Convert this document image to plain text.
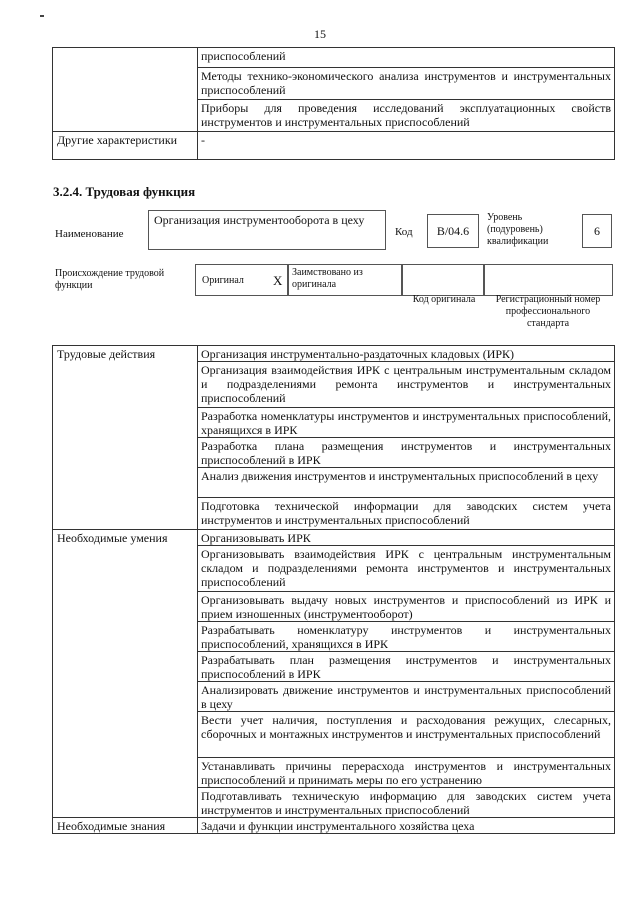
15
	приспособлений
	Методы технико-экономического анализа инструментов и инструментальных приспособлений
	Приборы для проведения исследований эксплуатационных свойств инструментов и инструментальных приспособлений
Другие характеристики	-
3.2.4. Трудовая функция
Наименование
Организация инструментооборота в цеху
Код	B/04.6
Уровень (подуровень) квалификации
6
Происхождение трудовой функции	Оригинал X
Заимствовано из оригинала
Код оригинала	Регистрационный номер профессионального стандарта
Трудовые действия	Организация инструментально-раздаточных кладовых (ИРК)
	Организация взаимодействия ИРК с центральным инструментальным складом и подразделениями ремонта инструментов и инструментальных приспособлений
	Разработка номенклатуры инструментов и инструментальных приспособлений, хранящихся в ИРК
	Разработка плана размещения инструментов и инструментальных приспособлений в ИРК
	Анализ движения инструментов и инструментальных приспособлений в цеху
	Подготовка технической информации для заводских систем учета инструментов и инструментальных приспособлений
Необходимые умения	Организовывать ИРК
	Организовывать взаимодействия ИРК с центральным инструментальным складом и подразделениями ремонта инструментов и инструментальных приспособлений
	Организовывать выдачу новых инструментов и приспособлений из ИРК и прием изношенных (инструментооборот)
	Разрабатывать номенклатуру инструментов и инструментальных приспособлений, хранящихся в ИРК
	Разрабатывать план размещения инструментов и инструментальных приспособлений в ИРК
	Анализировать движение инструментов и инструментальных приспособлений в цеху
	Вести учет наличия, поступления и расходования режущих, слесарных, сборочных и монтажных инструментов и инструментальных приспособлений
	Устанавливать причины перерасхода инструментов и инструментальных приспособлений и принимать меры по его устранению
	Подготавливать техническую информацию для заводских систем учета инструментов и инструментальных приспособлений
Необходимые знания	Задачи и функции инструментального хозяйства цеха
